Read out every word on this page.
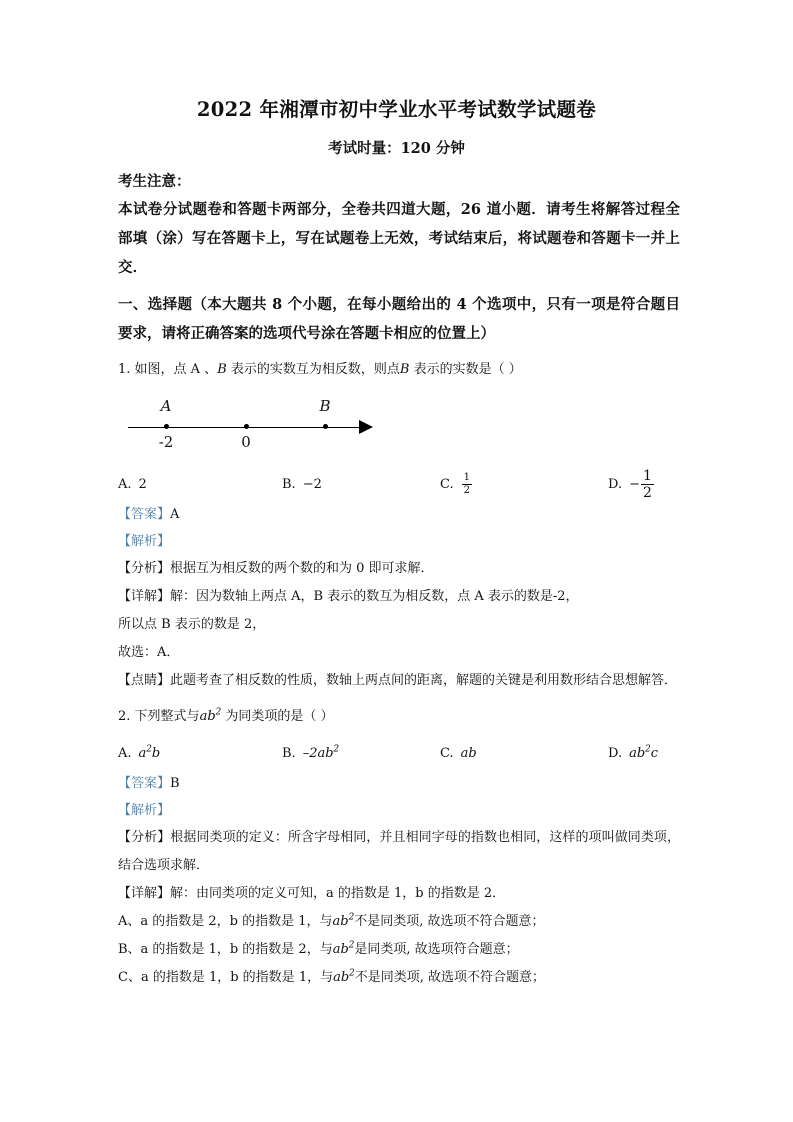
2022 年湘潭市初中学业水平考试数学试题卷
考试时量：120 分钟

考生注意：

本试卷分试题卷和答题卡两部分，全卷共四道大题，26 道小题．请考生将解答过程全部填（涂）写在答题卡上，写在试题卷上无效，考试结束后，将试题卷和答题卡一并上交．

一、选择题（本大题共 8 个小题，在每小题给出的 4 个选项中，只有一项是符合题目要求，请将正确答案的选项代号涂在答题卡相应的位置上）

1. 如图，点 A 、B 表示的实数互为相反数，则点B 表示的实数是（ ）

A	B
-2	0
A. 2	B. −2	C. $\frac{1}{2}$	D. − $\frac{1}{2}$

【答案】A

【解析】

【分析】根据互为相反数的两个数的和为 0 即可求解．

【详解】解：因为数轴上两点 A，B 表示的数互为相反数，点 A 表示的数是-2，

所以点 B 表示的数是 2，

故选：A．

【点睛】此题考查了相反数的性质，数轴上两点间的距离，解题的关键是利用数形结合思想解答．

2. 下列整式与$ab^2$ 为同类项的是（ ）

A. $a^2b$	B. $-2ab^2$	C. ab	D. $ab^2c$

【答案】B

【解析】

【分析】根据同类项的定义：所含字母相同，并且相同字母的指数也相同，这样的项叫做同类项，结合选项求解．

【详解】解：由同类项的定义可知，a 的指数是 1，b 的指数是 2．

A、a 的指数是 2，b 的指数是 1，与$ab^2$不是同类项, 故选项不符合题意；

B、a 的指数是 1，b 的指数是 2，与$ab^2$是同类项, 故选项符合题意；

C、a 的指数是 1，b 的指数是 1，与$ab^2$不是同类项, 故选项不符合题意；
